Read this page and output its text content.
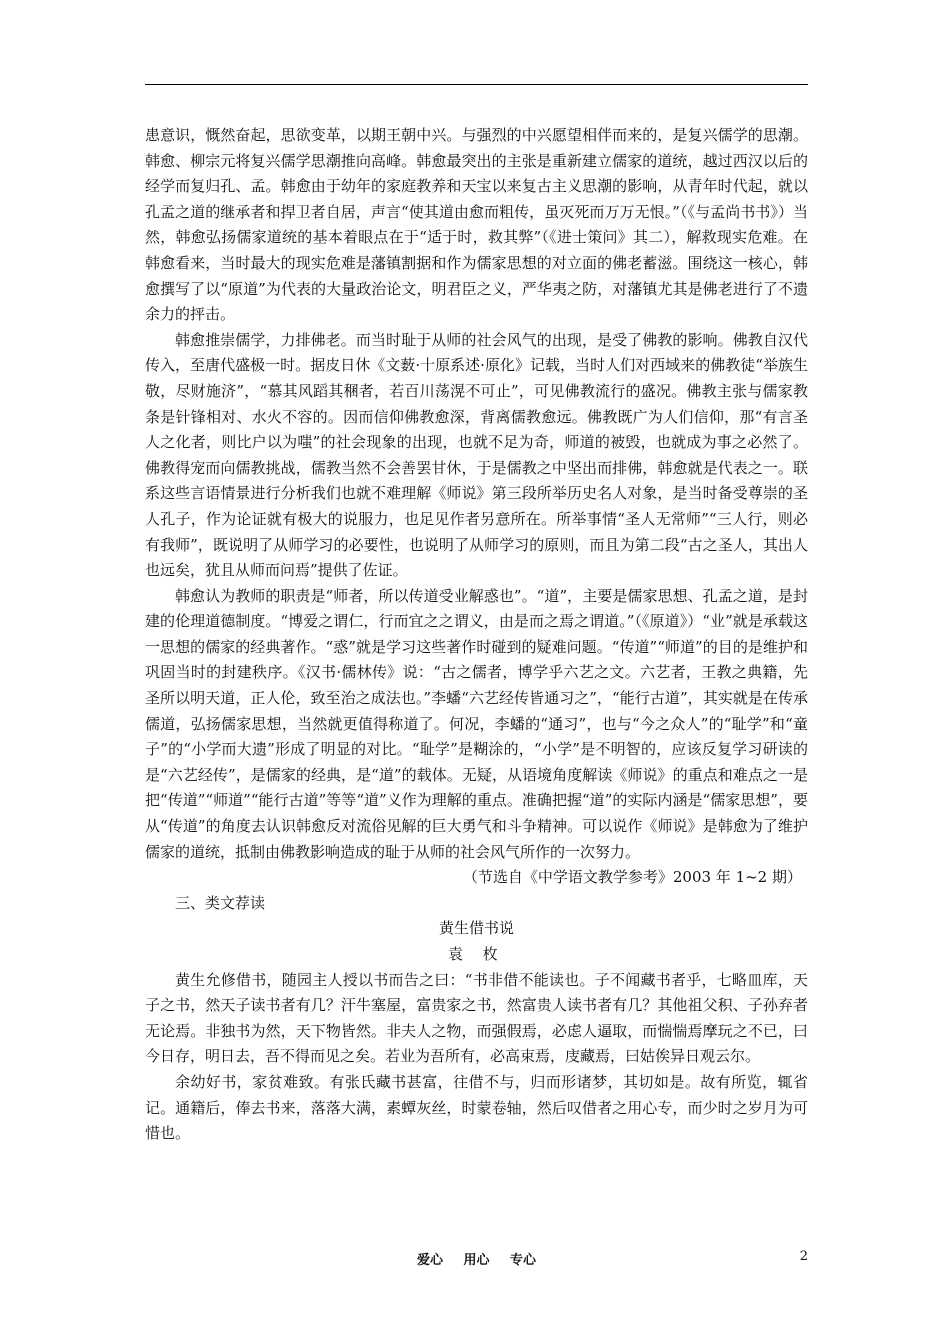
患意识，慨然奋起，思欲变革，以期王朝中兴。与强烈的中兴愿望相伴而来的，是复兴儒学的思潮。韩愈、柳宗元将复兴儒学思潮推向高峰。韩愈最突出的主张是重新建立儒家的道统，越过西汉以后的经学而复归孔、孟。韩愈由于幼年的家庭教养和天宝以来复古主义思潮的影响，从青年时代起，就以孔孟之道的继承者和捍卫者自居，声言“使其道由愈而粗传，虽灭死而万万无恨。”（《与孟尚书书》）当然，韩愈弘扬儒家道统的基本着眼点在于“适于时，救其弊”（《进士策问》其二），解救现实危难。在韩愈看来，当时最大的现实危难是藩镇割据和作为儒家思想的对立面的佛老蓄滋。围绕这一核心，韩愈撰写了以“原道”为代表的大量政治论文，明君臣之义，严华夷之防，对藩镇尤其是佛老进行了不遗余力的抨击。

韩愈推崇儒学，力排佛老。而当时耻于从师的社会风气的出现，是受了佛教的影响。佛教自汉代传入，至唐代盛极一时。据皮日休《文薮·十原系述·原化》记载，当时人们对西域来的佛教徒“举族生敬，尽财施济”，“慕其风蹈其稛者，若百川荡滉不可止”，可见佛教流行的盛况。佛教主张与儒家教条是针锋相对、水火不容的。因而信仰佛教愈深，背离儒教愈远。佛教既广为人们信仰，那“有言圣人之化者，则比户以为嗤”的社会现象的出现，也就不足为奇，师道的被毁，也就成为事之必然了。佛教得宠而向儒教挑战，儒教当然不会善罢甘休，于是儒教之中坚出而排佛，韩愈就是代表之一。联系这些言语情景进行分析我们也就不难理解《师说》第三段所举历史名人对象，是当时备受尊崇的圣人孔子，作为论证就有极大的说服力，也足见作者另意所在。所举事情“圣人无常师”“三人行，则必有我师”，既说明了从师学习的必要性，也说明了从师学习的原则，而且为第二段“古之圣人，其出人也远矣，犹且从师而问焉”提供了佐证。

韩愈认为教师的职责是“师者，所以传道受业解惑也”。“道”，主要是儒家思想、孔孟之道，是封建的伦理道德制度。“博爱之谓仁，行而宜之之谓义，由是而之焉之谓道。”（《原道》）“业”就是承载这一思想的儒家的经典著作。“惑”就是学习这些著作时碰到的疑难问题。“传道”“师道”的目的是维护和巩固当时的封建秩序。《汉书·儒林传》说：“古之儒者，博学乎六艺之文。六艺者，王教之典籍，先圣所以明天道，正人伦，致至治之成法也。”李蟠“六艺经传皆通习之”，“能行古道”，其实就是在传承儒道，弘扬儒家思想，当然就更值得称道了。何况，李蟠的“通习”，也与“今之众人”的“耻学”和“童子”的“小学而大遗”形成了明显的对比。“耻学”是糊涂的，“小学”是不明智的，应该反复学习研读的是“六艺经传”，是儒家的经典，是“道”的载体。无疑，从语境角度解读《师说》的重点和难点之一是把“传道”“师道”“能行古道”等等“道”义作为理解的重点。准确把握“道”的实际内涵是“儒家思想”，要从“传道”的角度去认识韩愈反对流俗见解的巨大勇气和斗争精神。可以说作《师说》是韩愈为了维护儒家的道统，抵制由佛教影响造成的耻于从师的社会风气所作的一次努力。

（节选自《中学语文教学参考》2003 年 1~2 期）

三、类文荐读

黄生借书说

袁 枚

黄生允修借书，随园主人授以书而告之曰：“书非借不能读也。子不闻藏书者乎，七略皿库，天子之书，然天子读书者有几？汗牛塞屋，富贵家之书，然富贵人读书者有几？其他祖父积、子孙弃者无论焉。非独书为然，天下物皆然。非夫人之物，而强假焉，必虑人逼取，而惴惴焉摩玩之不已，曰今日存，明日去，吾不得而见之矣。若业为吾所有，必高束焉，庋藏焉，曰姑俟异日观云尔。

余幼好书，家贫难致。有张氏藏书甚富，往借不与，归而形诸梦，其切如是。故有所览，辄省记。通籍后，俸去书来，落落大满，素蟫灰丝，时蒙卷轴，然后叹借者之用心专，而少时之岁月为可惜也。

爱心 用心 专心	2
